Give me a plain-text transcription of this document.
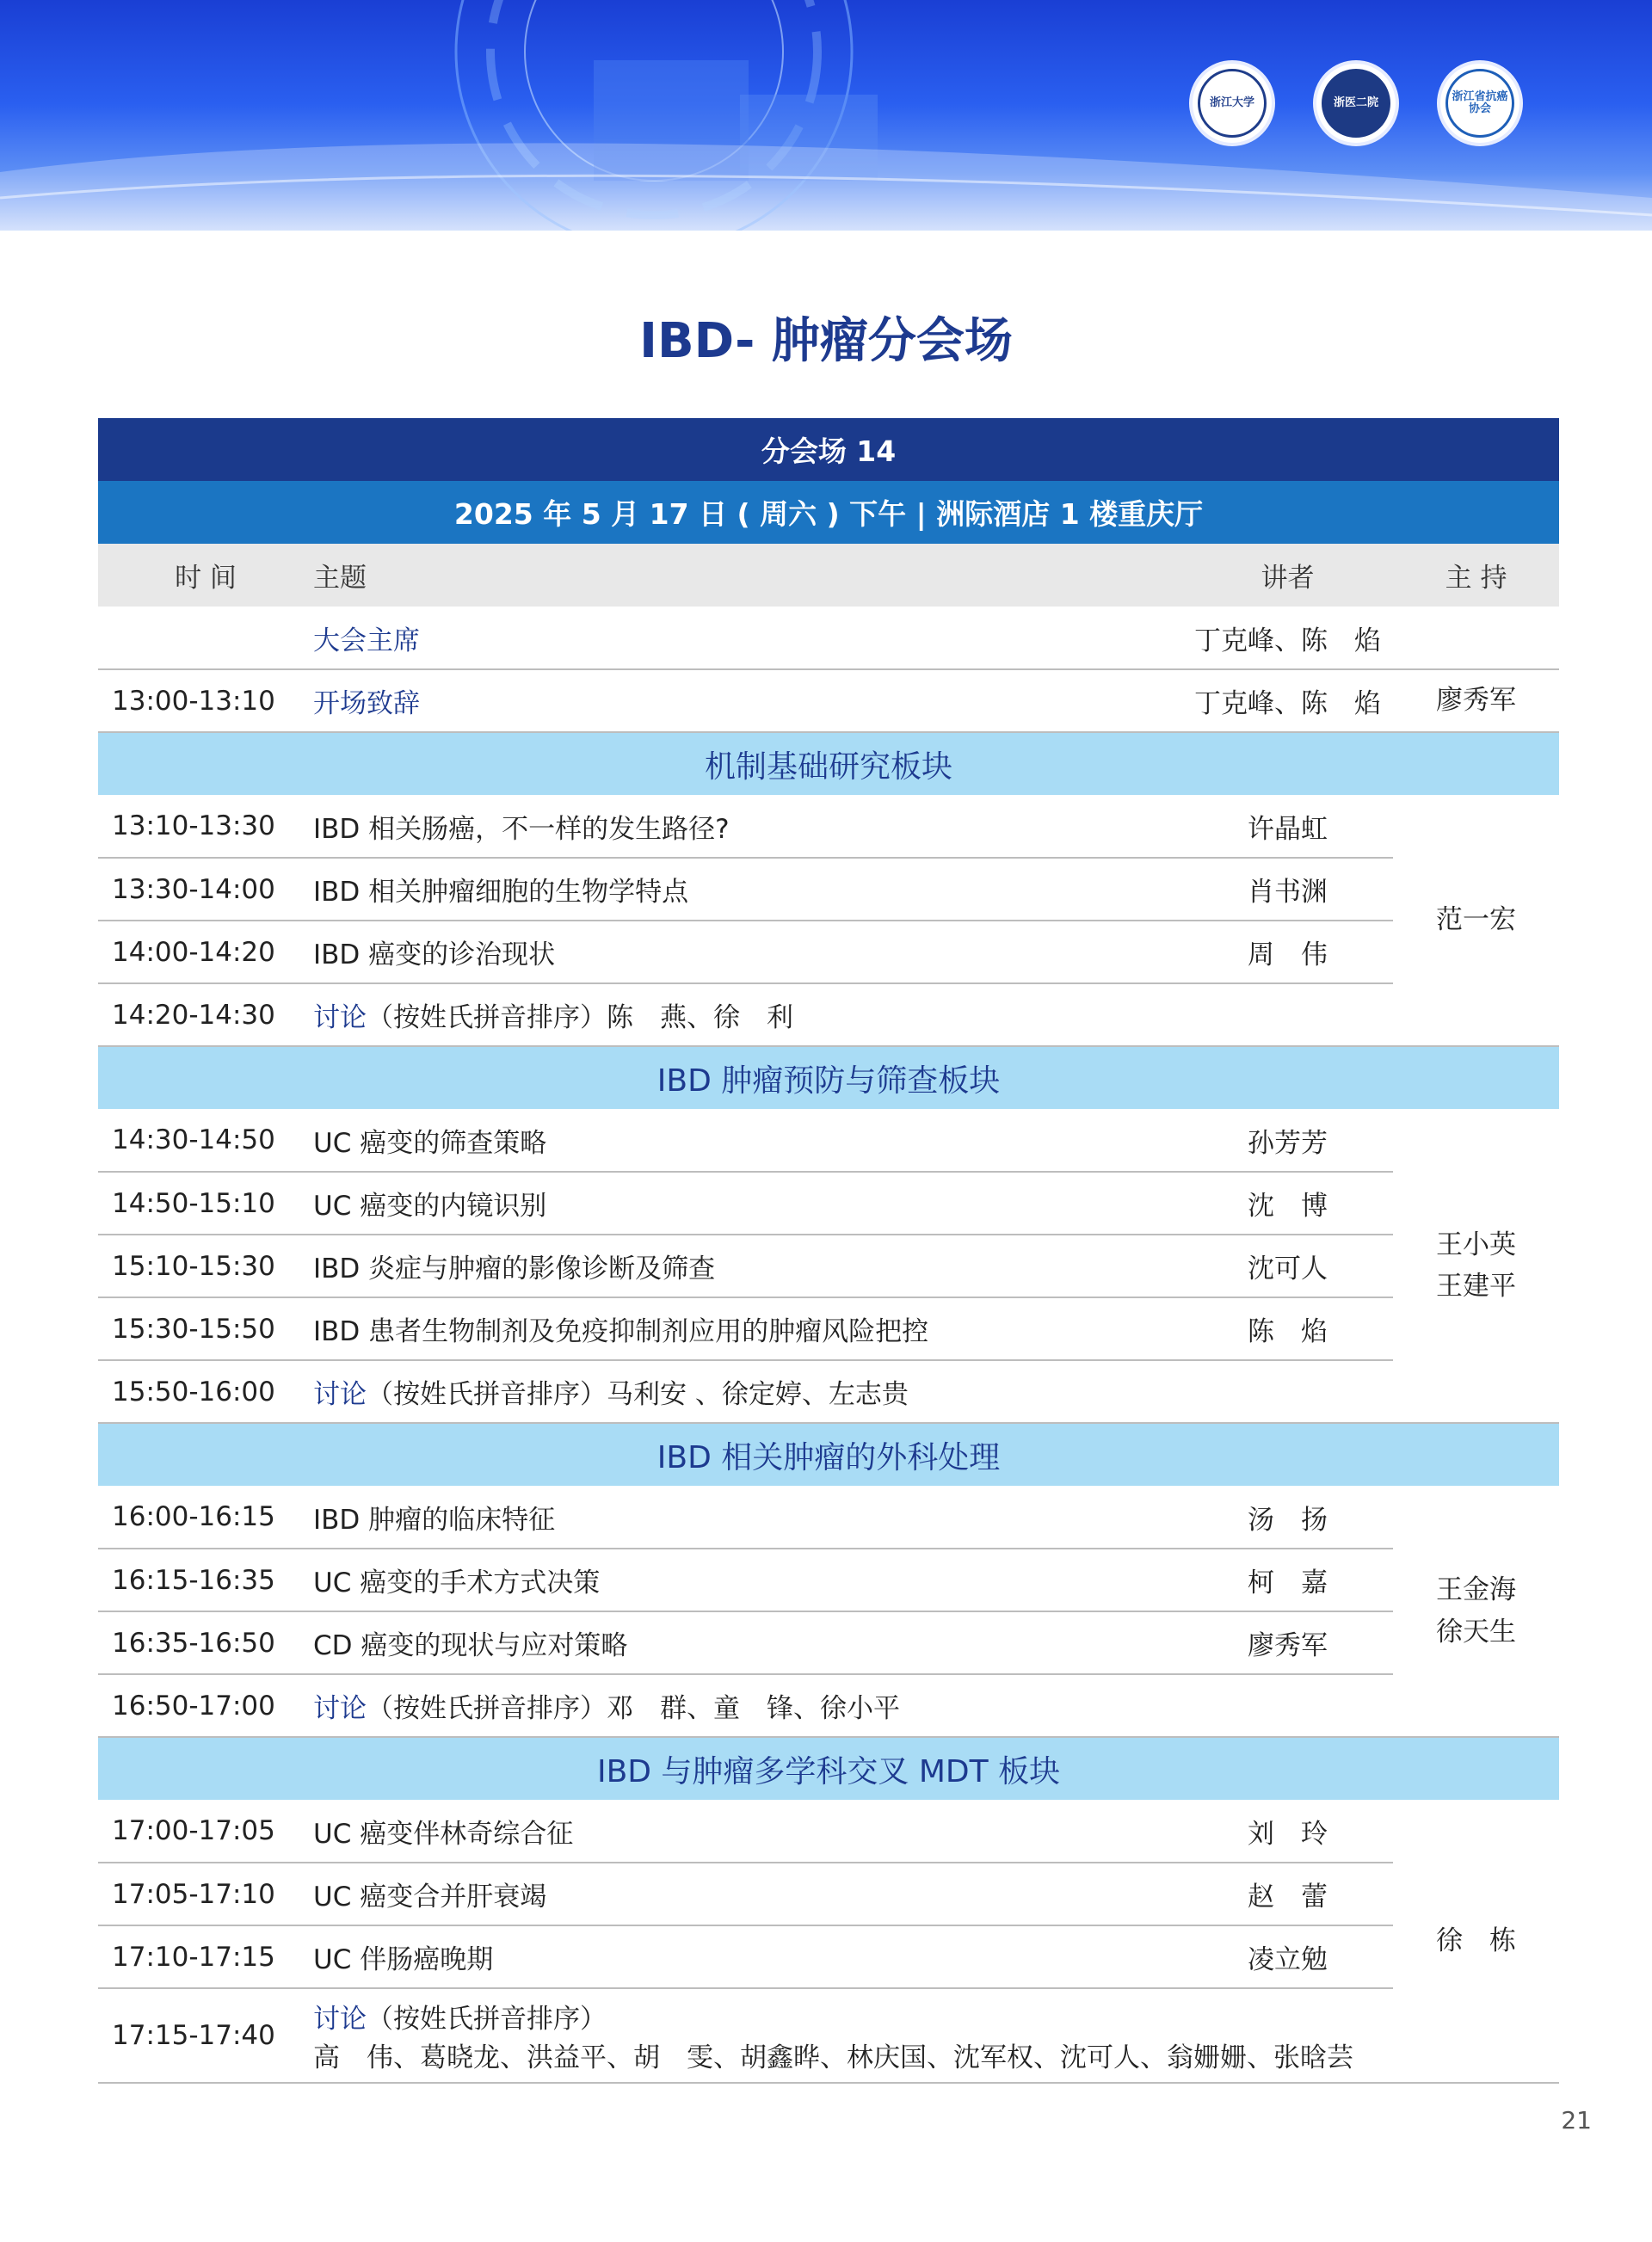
浙江大学	浙医二院	浙江省抗癌协会
IBD- 肿瘤分会场
分会场 14			
2025 年 5 月 17 日 ( 周六 ) 下午 | 洲际酒店 1 楼重庆厅			
时 间	主题	讲者	主 持
	大会主席	丁克峰、陈　焰	
13:00-13:10	开场致辞	丁克峰、陈　焰	廖秀军
机制基础研究板块			
13:10-13:30	IBD 相关肠癌，不一样的发生路径?	许晶虹	范一宏

13:30-14:00	IBD 相关肿瘤细胞的生物学特点	肖书渊	
14:00-14:20	IBD 癌变的诊治现状	周　伟	
14:20-14:30	讨论（按姓氏拼音排序）陈　燕、徐　利		
IBD 肿瘤预防与筛查板块			
14:30-14:50	UC 癌变的筛查策略	孙芳芳	王小英
王建平

14:50-15:10	UC 癌变的内镜识别	沈　博	
15:10-15:30	IBD 炎症与肿瘤的影像诊断及筛查	沈可人	
15:30-15:50	IBD 患者生物制剂及免疫抑制剂应用的肿瘤风险把控	陈　焰	
15:50-16:00	讨论（按姓氏拼音排序）马利安 、徐定婷、左志贵		
IBD 相关肿瘤的外科处理			
16:00-16:15	IBD 肿瘤的临床特征	汤　扬	王金海
徐天生

16:15-16:35	UC 癌变的手术方式决策	柯　嘉	
16:35-16:50	CD 癌变的现状与应对策略	廖秀军	
16:50-17:00	讨论（按姓氏拼音排序）邓　群、童　锋、徐小平		
IBD 与肿瘤多学科交叉 MDT 板块			
17:00-17:05	UC 癌变伴林奇综合征	刘　玲	徐　栋

17:05-17:10	UC 癌变合并肝衰竭	赵　蕾	
17:10-17:15	UC 伴肠癌晚期	凌立勉	
17:15-17:40	讨论（按姓氏拼音排序）
高　伟、葛晓龙、洪益平、胡　雯、胡鑫晔、林庆国、沈军权、沈可人、翁姗姗、张晗芸		
21
